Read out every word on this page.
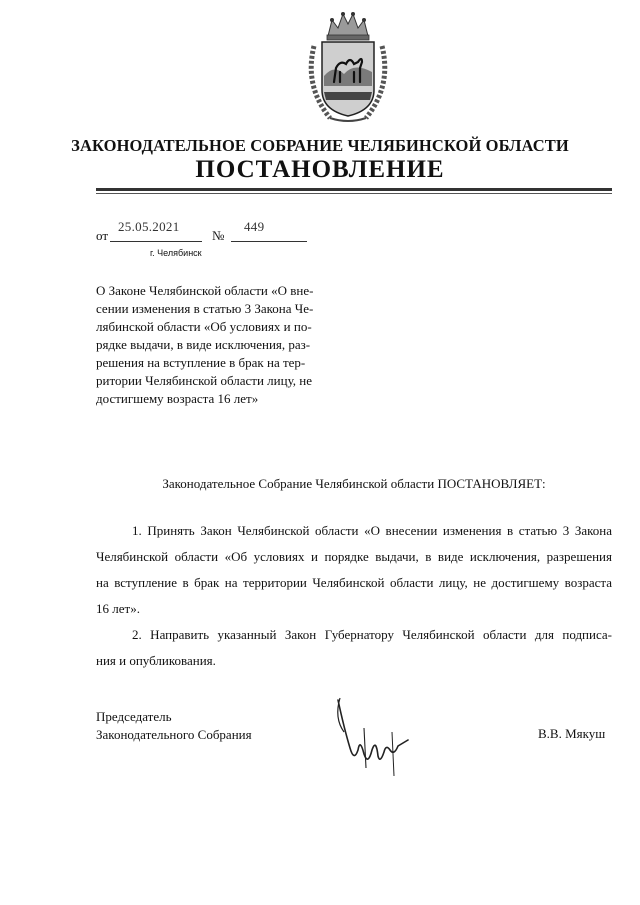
ЗАКОНОДАТЕЛЬНОЕ СОБРАНИЕ ЧЕЛЯБИНСКОЙ ОБЛАСТИ
ПОСТАНОВЛЕНИЕ
от
25.05.2021
№
449
г. Челябинск
О Законе Челябинской области «О вне-
сении изменения в статью 3 Закона Че-
лябинской области «Об условиях и по-
рядке выдачи, в виде исключения, раз-
решения на вступление в брак на тер-
ритории Челябинской области лицу, не
достигшему возраста 16 лет»
Законодательное Собрание Челябинской области ПОСТАНОВЛЯЕТ:
1. Принять Закон Челябинской области «О внесении изменения в статью 3 Закона
Челябинской области «Об условиях и порядке выдачи, в виде исключения, разрешения
на вступление в брак на территории Челябинской области лицу, не достигшему возраста
16 лет».
2. Направить указанный Закон Губернатору Челябинской области для подписа-
ния и опубликования.
Председатель
Законодательного Собрания	В.В. Мякуш
